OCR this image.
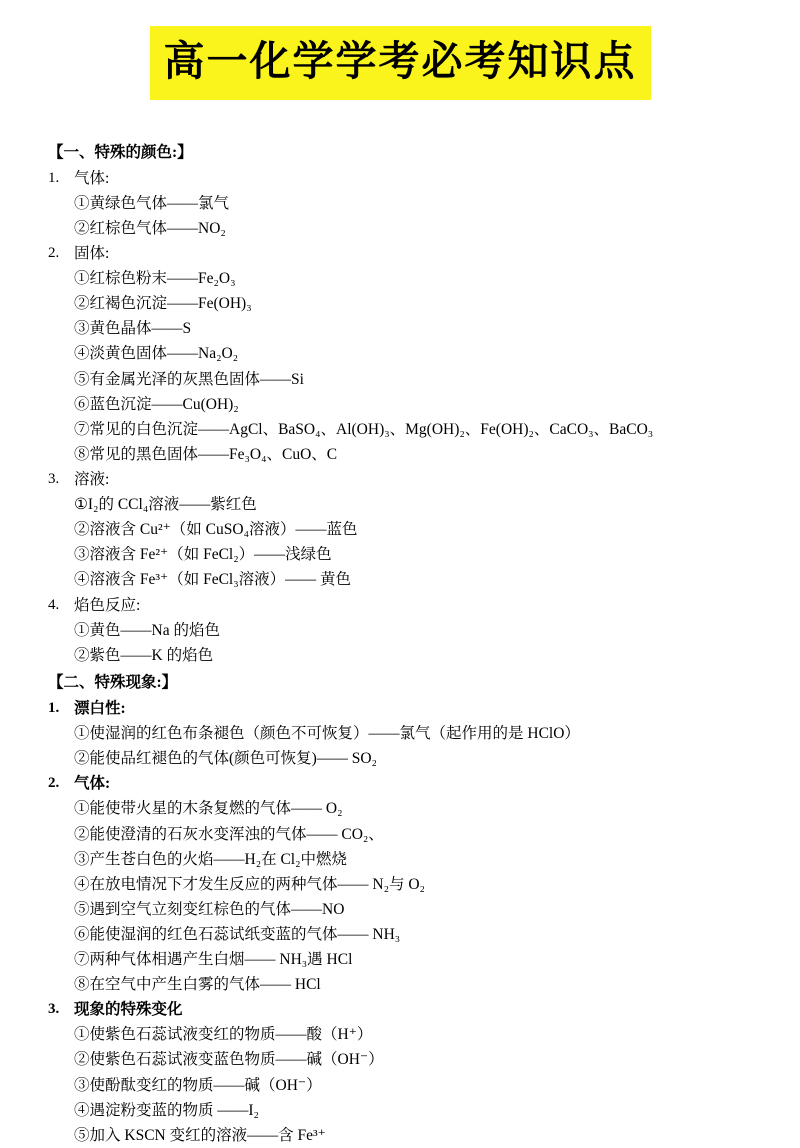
高一化学学考必考知识点
【一、特殊的颜色:】
1. 气体:
①黄绿色气体——氯气
②红棕色气体——NO₂
2. 固体:
①红棕色粉末——Fe₂O₃
②红褐色沉淀——Fe(OH)₃
③黄色晶体——S
④淡黄色固体——Na₂O₂
⑤有金属光泽的灰黑色固体——Si
⑥蓝色沉淀——Cu(OH)₂
⑦常见的白色沉淀——AgCl、BaSO₄、Al(OH)₃、Mg(OH)₂、Fe(OH)₂、CaCO₃、BaCO₃
⑧常见的黑色固体——Fe₃O₄、CuO、C
3. 溶液:
①I₂的 CCl₄溶液——紫红色
②溶液含 Cu²⁺（如 CuSO₄溶液）——蓝色
③溶液含 Fe²⁺（如 FeCl₂）——浅绿色
④溶液含 Fe³⁺（如 FeCl₃溶液）—— 黄色
4. 焰色反应:
①黄色——Na 的焰色
②紫色——K 的焰色
【二、特殊现象:】
1. 漂白性:
①使湿润的红色布条褪色（颜色不可恢复）——氯气（起作用的是 HClO）
②能使品红褪色的气体(颜色可恢复)—— SO₂
2. 气体:
①能使带火星的木条复燃的气体—— O₂
②能使澄清的石灰水变浑浊的气体—— CO₂、
③产生苍白色的火焰——H₂在 Cl₂中燃烧
④在放电情况下才发生反应的两种气体—— N₂与 O₂
⑤遇到空气立刻变红棕色的气体——NO
⑥能使湿润的红色石蕊试纸变蓝的气体—— NH₃
⑦两种气体相遇产生白烟—— NH₃遇 HCl
⑧在空气中产生白雾的气体—— HCl
3. 现象的特殊变化
①使紫色石蕊试液变红的物质——酸（H⁺）
②使紫色石蕊试液变蓝色物质——碱（OH⁻）
③使酚酞变红的物质——碱（OH⁻）
④遇淀粉变蓝的物质 ——I₂
⑤加入 KSCN 变红的溶液——含 Fe³⁺
